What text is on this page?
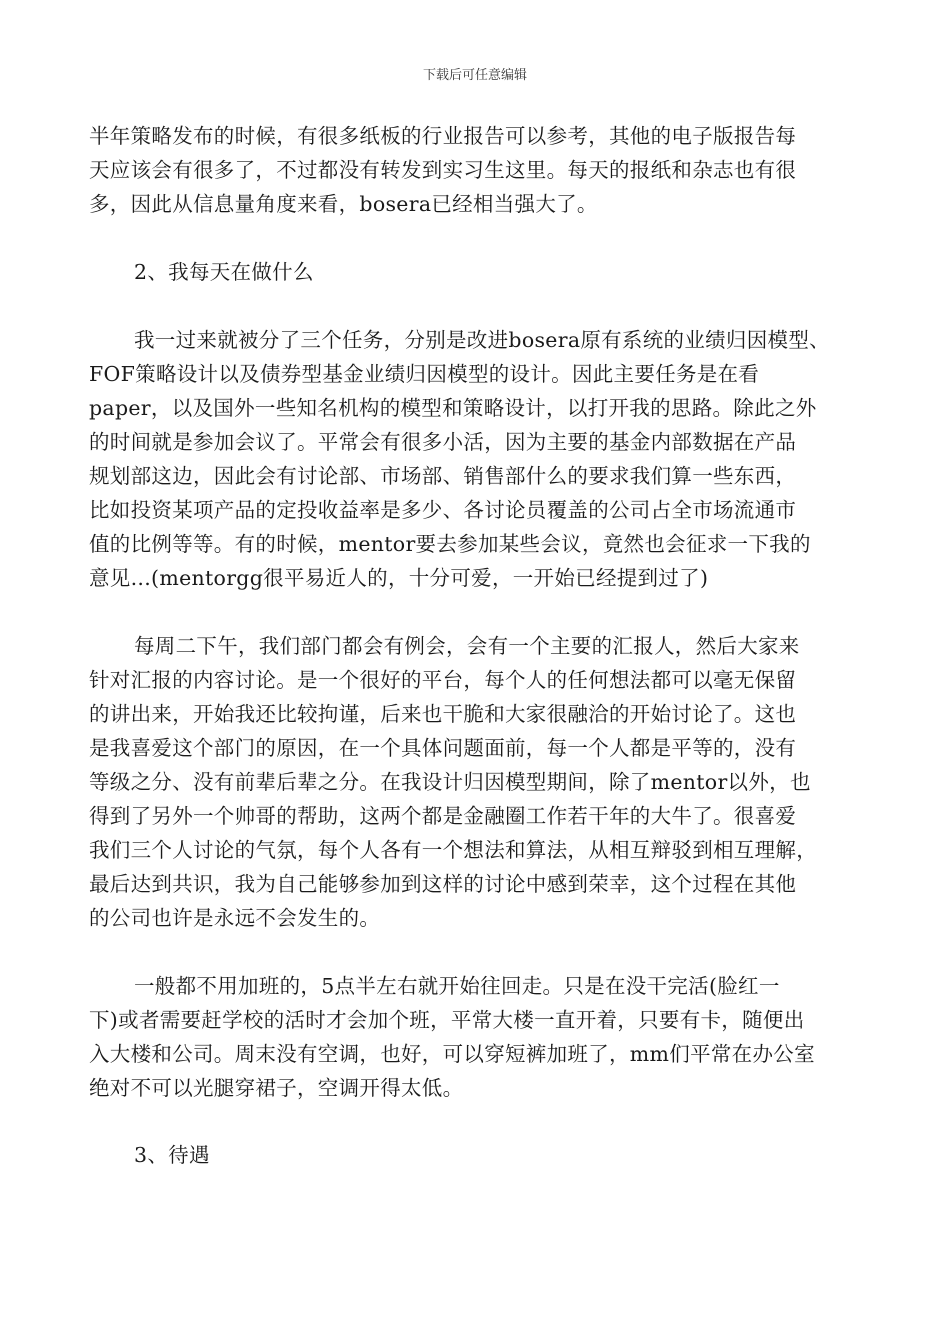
下载后可任意编辑

半年策略发布的时候，有很多纸板的行业报告可以参考，其他的电子版报告每
天应该会有很多了，不过都没有转发到实习生这里。每天的报纸和杂志也有很
多，因此从信息量角度来看，bosera已经相当强大了。

2、我每天在做什么

我一过来就被分了三个任务，分别是改进bosera原有系统的业绩归因模型、
FOF策略设计以及债券型基金业绩归因模型的设计。因此主要任务是在看
paper，以及国外一些知名机构的模型和策略设计，以打开我的思路。除此之外
的时间就是参加会议了。平常会有很多小活，因为主要的基金内部数据在产品
规划部这边，因此会有讨论部、市场部、销售部什么的要求我们算一些东西，
比如投资某项产品的定投收益率是多少、各讨论员覆盖的公司占全市场流通市
值的比例等等。有的时候，mentor要去参加某些会议，竟然也会征求一下我的
意见...(mentorgg很平易近人的，十分可爱，一开始已经提到过了)

每周二下午，我们部门都会有例会，会有一个主要的汇报人，然后大家来
针对汇报的内容讨论。是一个很好的平台，每个人的任何想法都可以毫无保留
的讲出来，开始我还比较拘谨，后来也干脆和大家很融洽的开始讨论了。这也
是我喜爱这个部门的原因，在一个具体问题面前，每一个人都是平等的，没有
等级之分、没有前辈后辈之分。在我设计归因模型期间，除了mentor以外，也
得到了另外一个帅哥的帮助，这两个都是金融圈工作若干年的大牛了。很喜爱
我们三个人讨论的气氛，每个人各有一个想法和算法，从相互辩驳到相互理解，
最后达到共识，我为自己能够参加到这样的讨论中感到荣幸，这个过程在其他
的公司也许是永远不会发生的。

一般都不用加班的，5点半左右就开始往回走。只是在没干完活(脸红一
下)或者需要赶学校的活时才会加个班，平常大楼一直开着，只要有卡，随便出
入大楼和公司。周末没有空调，也好，可以穿短裤加班了，mm们平常在办公室
绝对不可以光腿穿裙子，空调开得太低。

3、待遇
